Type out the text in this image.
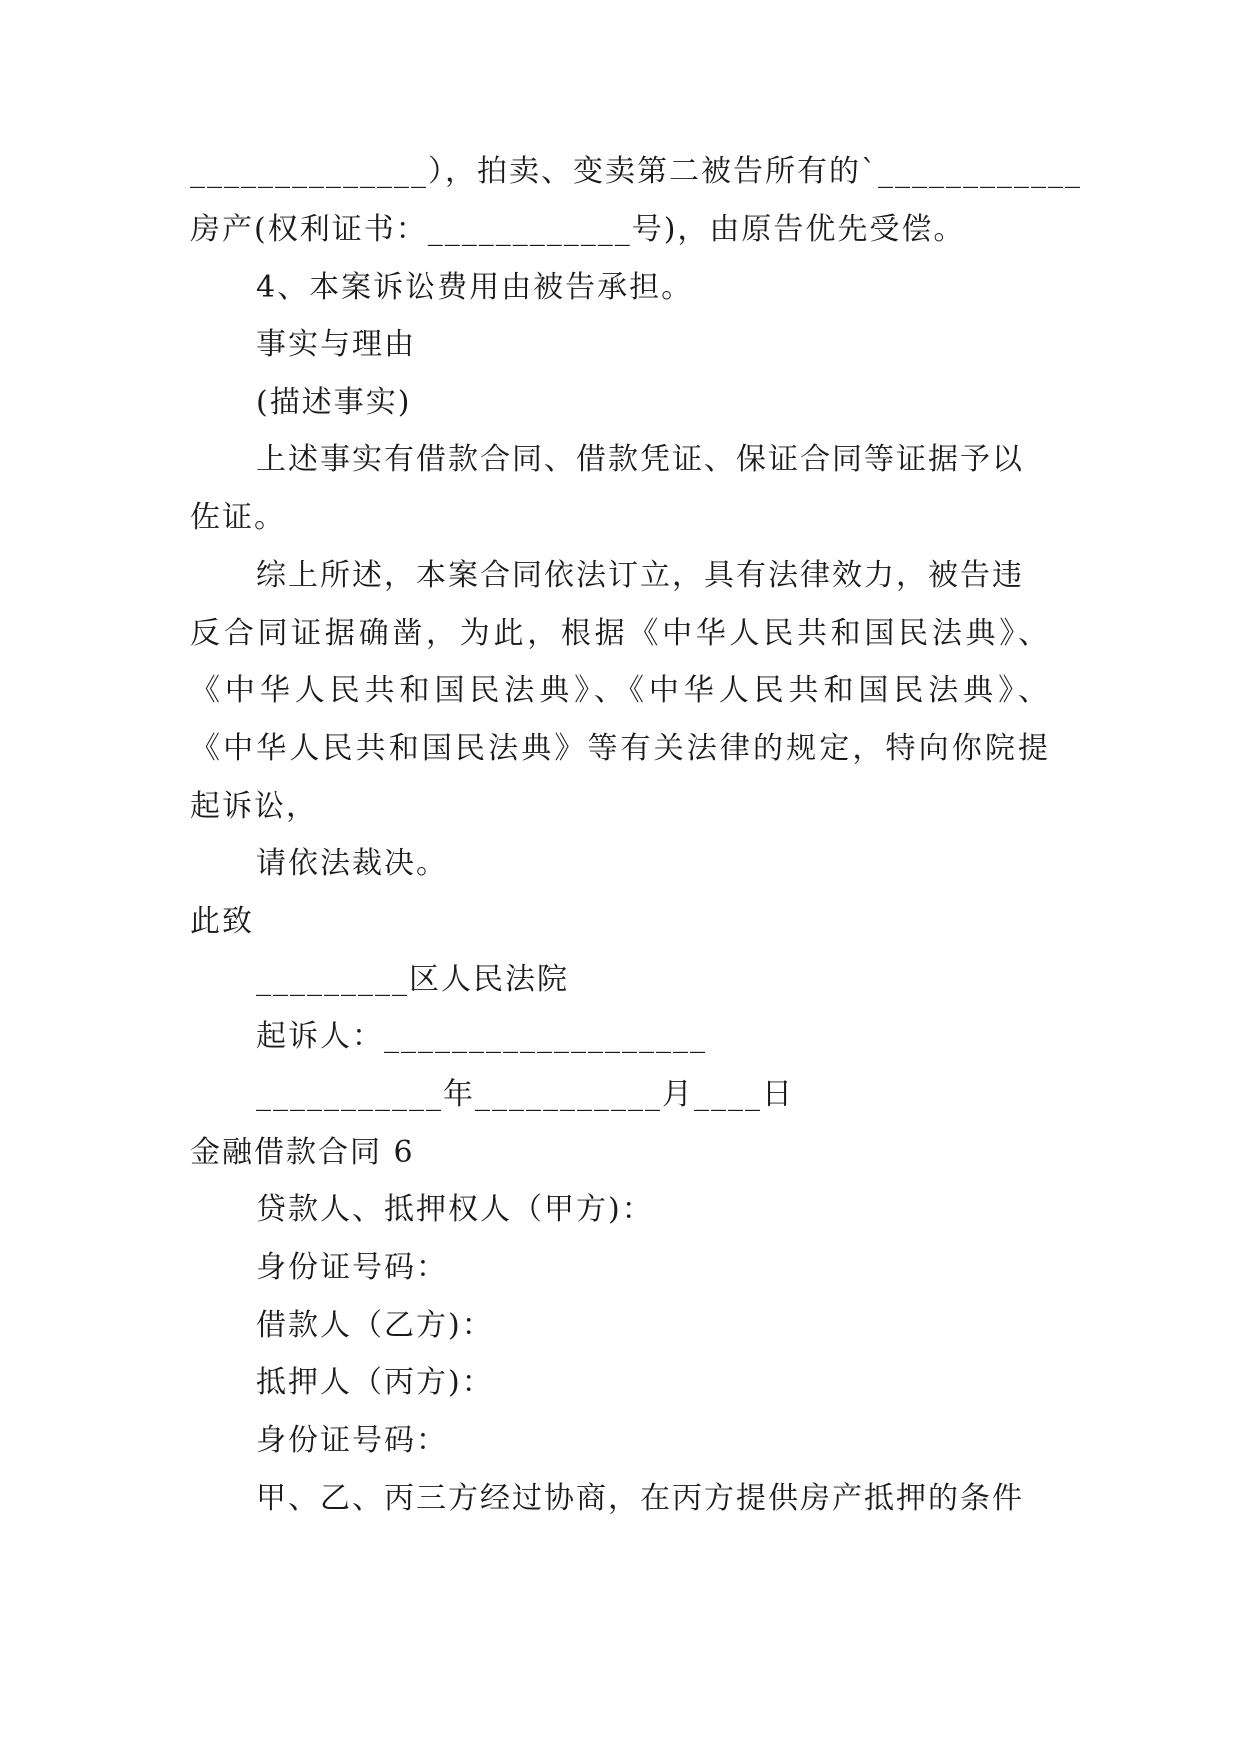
______________），拍卖、变卖第二被告所有的`____________
房产(权利证书：____________号)，由原告优先受偿。
4、本案诉讼费用由被告承担。
事实与理由
(描述事实)
上述事实有借款合同、借款凭证、保证合同等证据予以
佐证。
综上所述，本案合同依法订立，具有法律效力，被告违
反合同证据确凿，为此，根据《中华人民共和国民法典》、
《中华人民共和国民法典》、《中华人民共和国民法典》、
《中华人民共和国民法典》等有关法律的规定，特向你院提
起诉讼，
请依法裁决。
此致
_________区人民法院
起诉人：___________________
___________年___________月____日
金融借款合同 6
贷款人、抵押权人（甲方)：
身份证号码：
借款人（乙方)：
抵押人（丙方)：
身份证号码：
甲、乙、丙三方经过协商，在丙方提供房产抵押的条件
